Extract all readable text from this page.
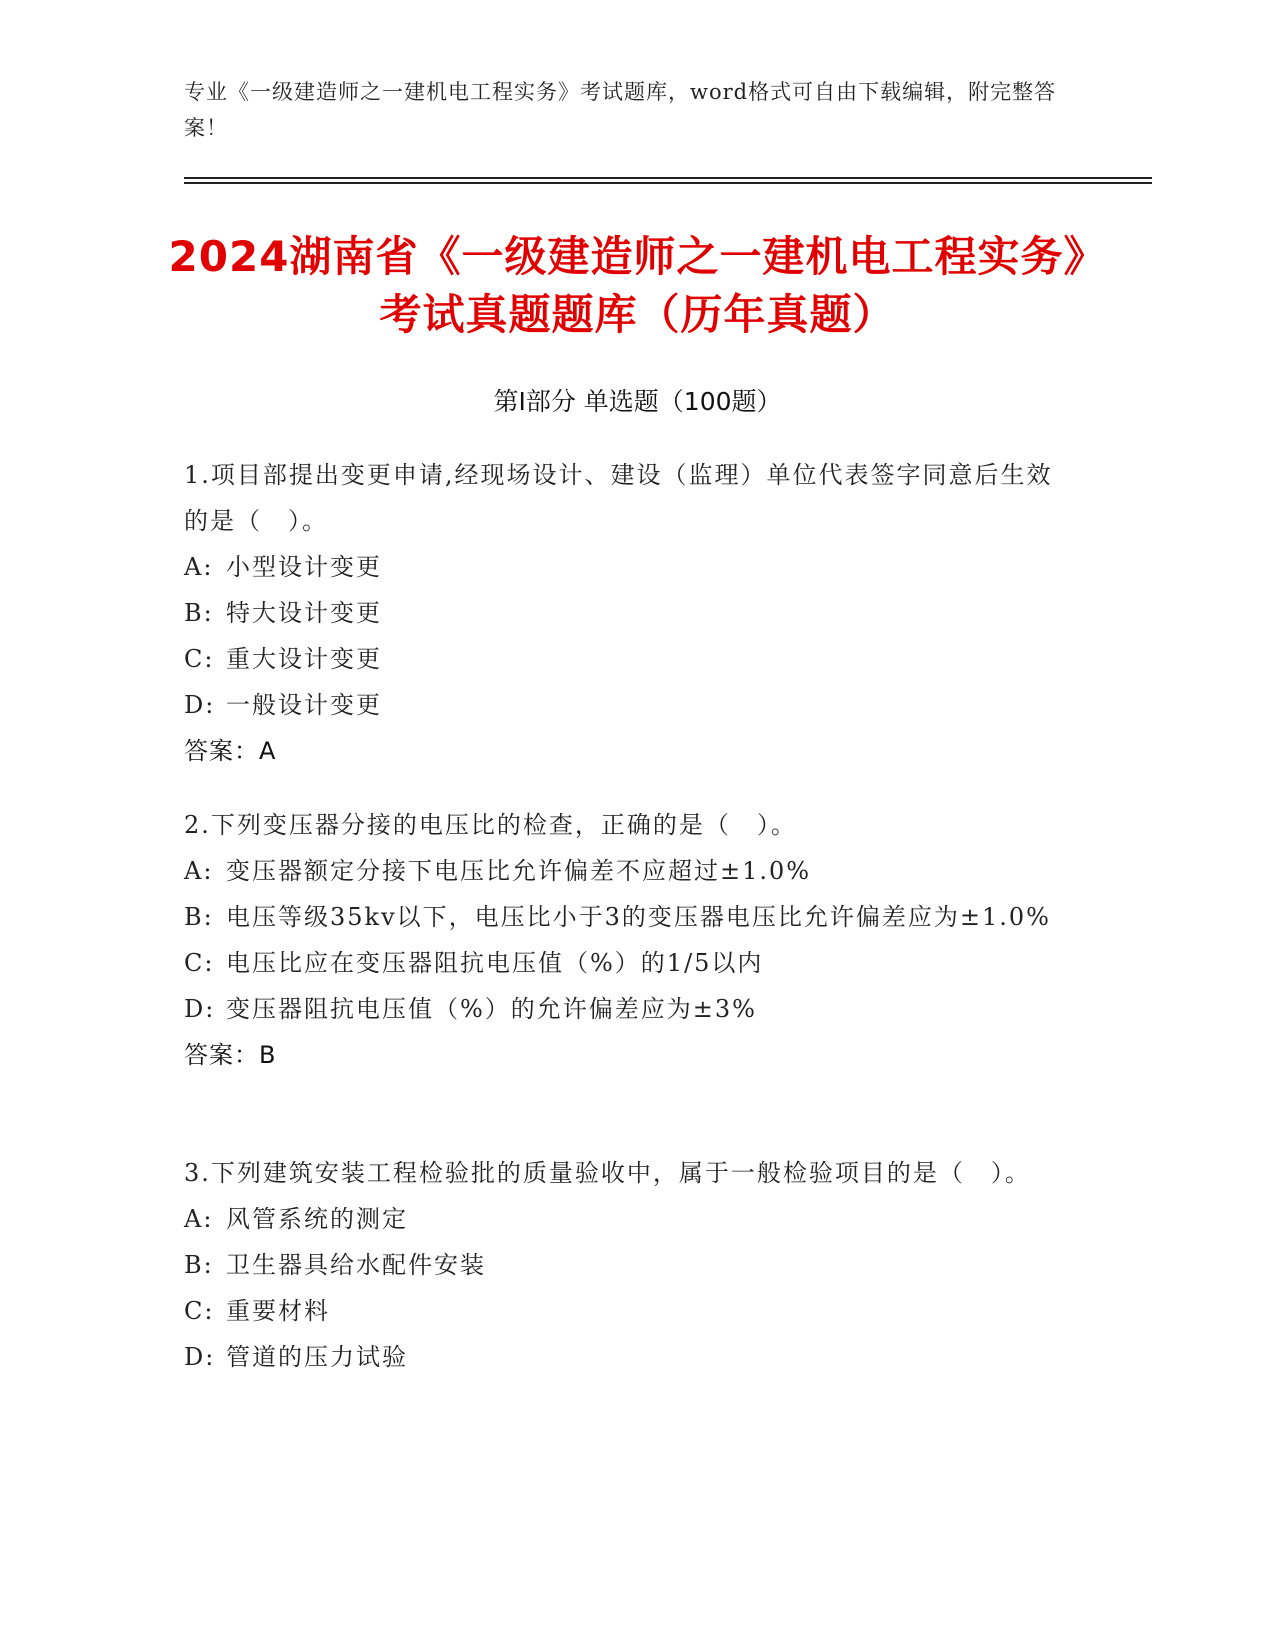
专业《一级建造师之一建机电工程实务》考试题库，word格式可自由下载编辑，附完整答案！
2024湖南省《一级建造师之一建机电工程实务》考试真题题库（历年真题）
第I部分 单选题（100题）
1.项目部提出变更申请,经现场设计、建设（监理）单位代表签字同意后生效的是（　）。
A: 小型设计变更
B: 特大设计变更
C: 重大设计变更
D: 一般设计变更
答案：A
2.下列变压器分接的电压比的检查，正确的是（　）。
A: 变压器额定分接下电压比允许偏差不应超过±1.0%
B: 电压等级35kv以下，电压比小于3的变压器电压比允许偏差应为±1.0%
C: 电压比应在变压器阻抗电压值（%）的1/5以内
D: 变压器阻抗电压值（%）的允许偏差应为±3%
答案：B
3.下列建筑安装工程检验批的质量验收中，属于一般检验项目的是（　）。
A: 风管系统的测定
B: 卫生器具给水配件安装
C: 重要材料
D: 管道的压力试验
